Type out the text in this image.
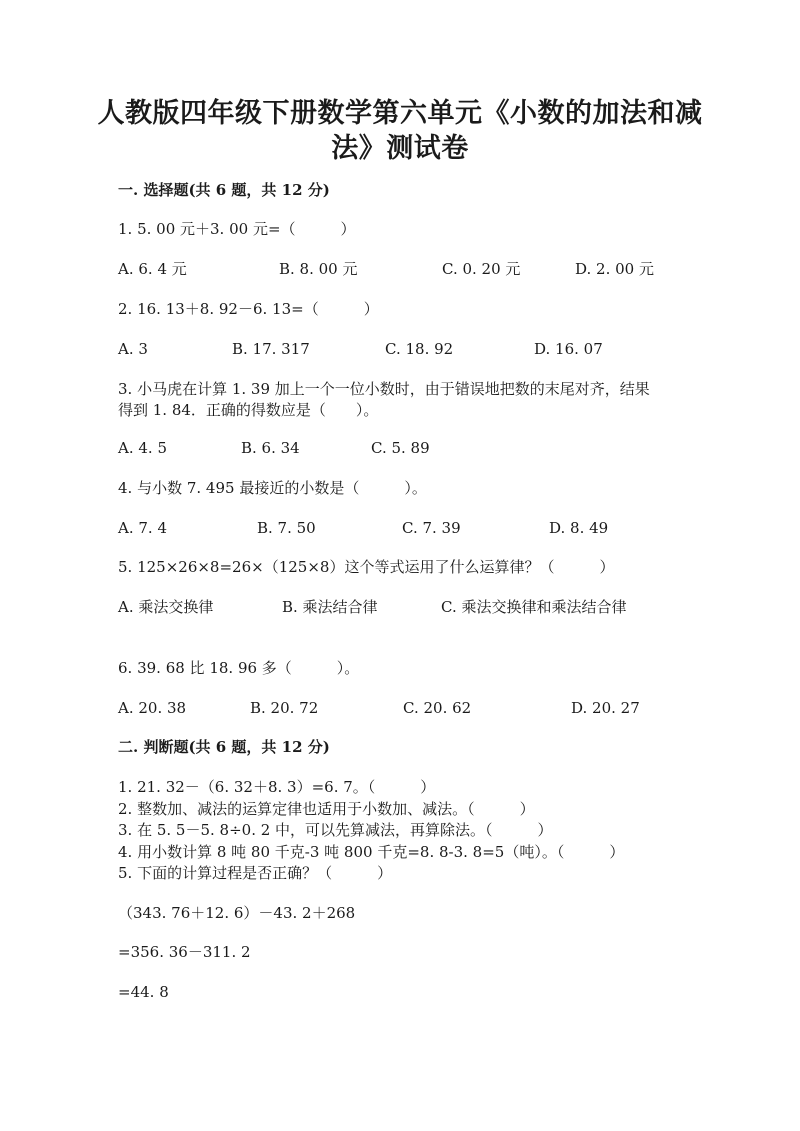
人教版四年级下册数学第六单元《小数的加法和减
法》测试卷
一. 选择题(共 6 题，共 12 分)
1. 5. 00 元＋3. 00 元=（　　　）
A. 6. 4 元	B. 8. 00 元	C. 0. 20 元	D. 2. 00 元
2. 16. 13＋8. 92－6. 13=（　　　）
A. 3	B. 17. 317	C. 18. 92	D. 16. 07
3. 小马虎在计算 1. 39 加上一个一位小数时，由于错误地把数的末尾对齐，结果
得到 1. 84．正确的得数应是（　　）。
A. 4. 5	B. 6. 34	C. 5. 89
4. 与小数 7. 495 最接近的小数是（　　　）。
A. 7. 4	B. 7. 50	C. 7. 39	D. 8. 49
5. 125×26×8=26×（125×8）这个等式运用了什么运算律？（　　　）
A. 乘法交换律	B. 乘法结合律	C. 乘法交换律和乘法结合律
6. 39. 68 比 18. 96 多（　　　）。
A. 20. 38	B. 20. 72	C. 20. 62	D. 20. 27
二. 判断题(共 6 题，共 12 分)
1. 21. 32－（6. 32＋8. 3）=6. 7。（　　　）
2. 整数加、减法的运算定律也适用于小数加、减法。（　　　）
3. 在 5. 5－5. 8÷0. 2 中，可以先算减法，再算除法。（　　　）
4. 用小数计算 8 吨 80 千克-3 吨 800 千克=8. 8-3. 8=5（吨）。（　　　）
5. 下面的计算过程是否正确？（　　　）
（343. 76＋12. 6）－43. 2＋268
=356. 36－311. 2
=44. 8
